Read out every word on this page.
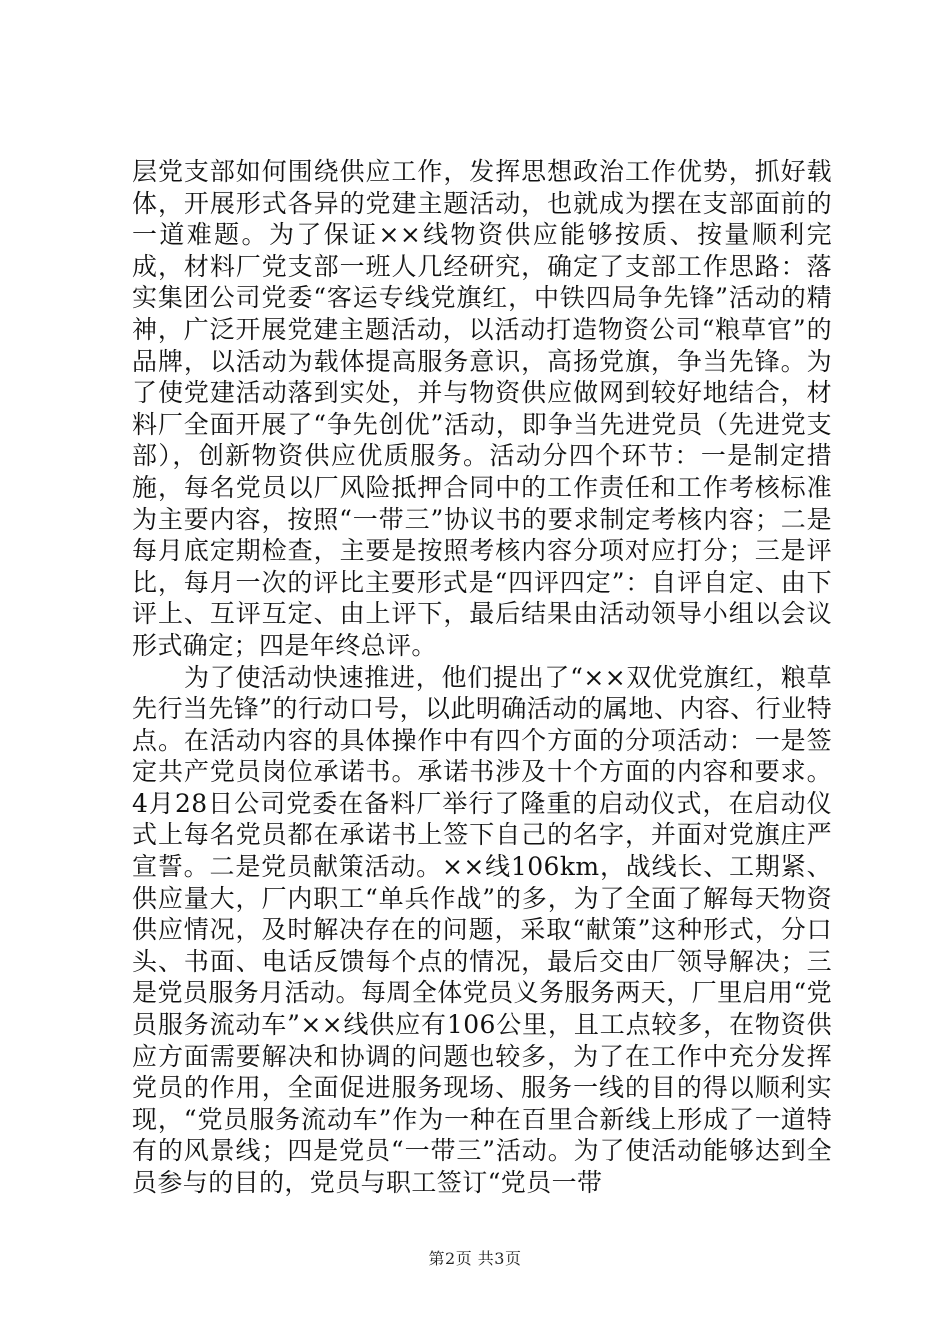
层党支部如何围绕供应工作，发挥思想政治工作优势，抓好载体，开展形式各异的党建主题活动，也就成为摆在支部面前的一道难题。为了保证××线物资供应能够按质、按量顺利完成，材料厂党支部一班人几经研究，确定了支部工作思路：落实集团公司党委“客运专线党旗红，中铁四局争先锋”活动的精神，广泛开展党建主题活动，以活动打造物资公司“粮草官”的品牌，以活动为载体提高服务意识，高扬党旗，争当先锋。为了使党建活动落到实处，并与物资供应做网到较好地结合，材料厂全面开展了“争先创优”活动，即争当先进党员（先进党支部），创新物资供应优质服务。活动分四个环节：一是制定措施，每名党员以厂风险抵押合同中的工作责任和工作考核标准为主要内容，按照“一带三”协议书的要求制定考核内容；二是每月底定期检查，主要是按照考核内容分项对应打分；三是评比，每月一次的评比主要形式是“四评四定”：自评自定、由下评上、互评互定、由上评下，最后结果由活动领导小组以会议形式确定；四是年终总评。

为了使活动快速推进，他们提出了“××双优党旗红，粮草先行当先锋”的行动口号，以此明确活动的属地、内容、行业特点。在活动内容的具体操作中有四个方面的分项活动：一是签定共产党员岗位承诺书。承诺书涉及十个方面的内容和要求。4月28日公司党委在备料厂举行了隆重的启动仪式，在启动仪式上每名党员都在承诺书上签下自己的名字，并面对党旗庄严宣誓。二是党员献策活动。××线106km，战线长、工期紧、供应量大，厂内职工“单兵作战”的多，为了全面了解每天物资供应情况，及时解决存在的问题，采取“献策”这种形式，分口头、书面、电话反馈每个点的情况，最后交由厂领导解决；三是党员服务月活动。每周全体党员义务服务两天，厂里启用“党员服务流动车”××线供应有106公里，且工点较多，在物资供应方面需要解决和协调的问题也较多，为了在工作中充分发挥党员的作用，全面促进服务现场、服务一线的目的得以顺利实现，“党员服务流动车”作为一种在百里合新线上形成了一道特有的风景线；四是党员“一带三”活动。为了使活动能够达到全员参与的目的，党员与职工签订“党员一带

第2页 共3页
